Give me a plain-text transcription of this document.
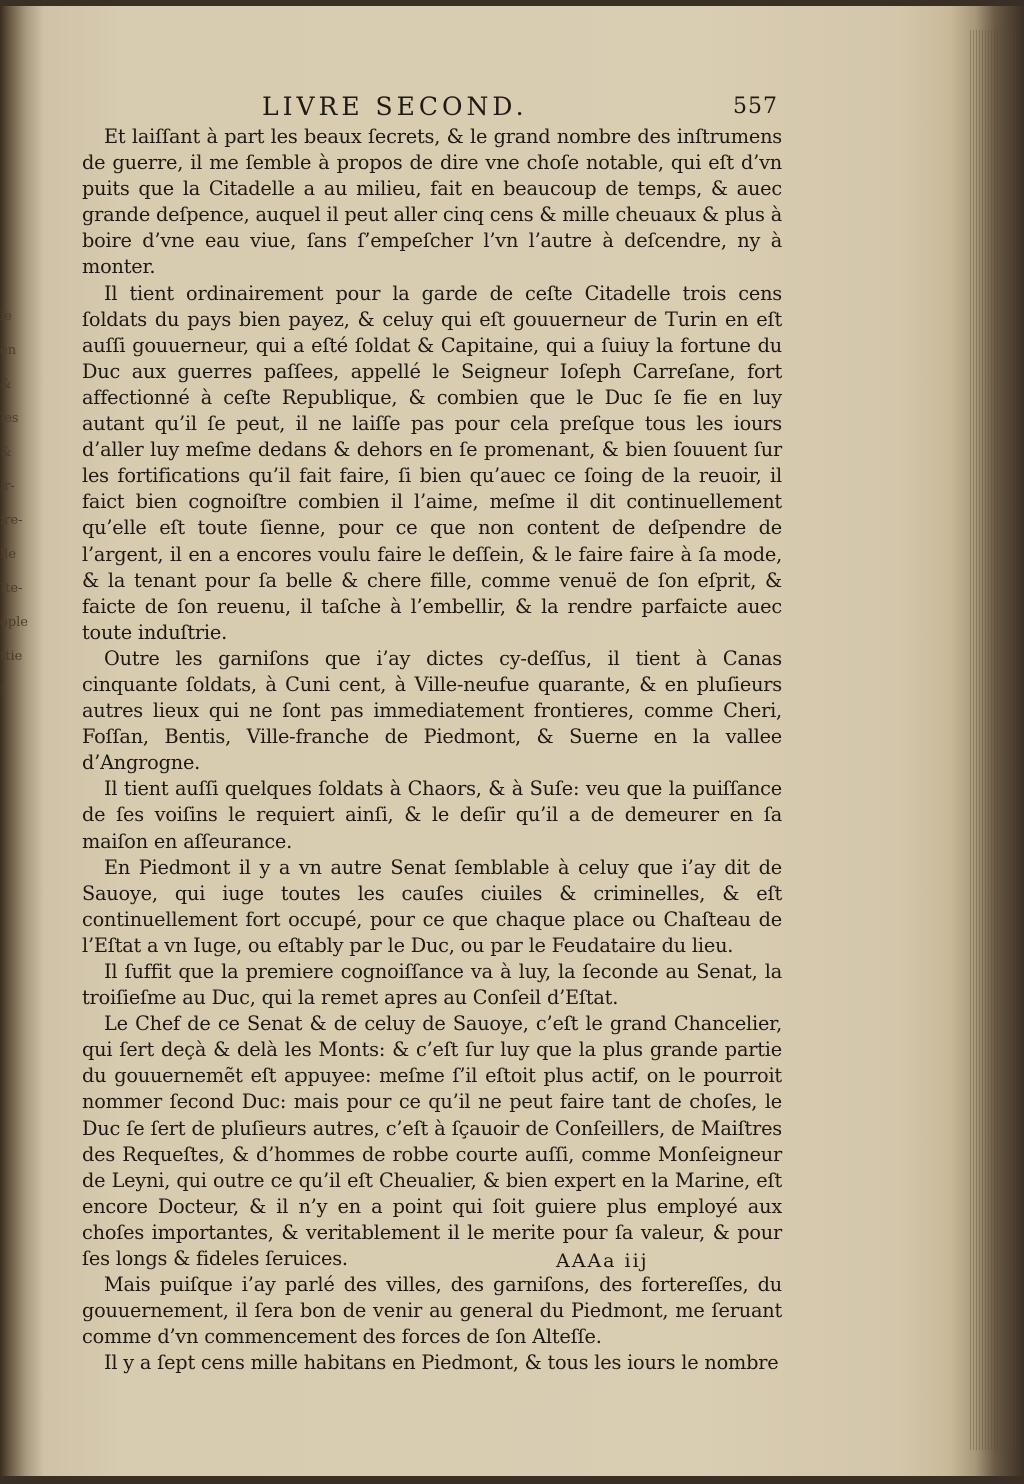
le
en
&
les
&
ir-
ire-
lle
Ite-
ople
ttie
i
LIVRE SECOND.	557

Et laiſſant à part les beaux ſecrets, & le grand nombre des inſtrumens de guerre, il me ſemble à propos de dire vne choſe notable, qui eſt d’vn puits que la Citadelle a au milieu, fait en beaucoup de temps, & auec grande deſpence, auquel il peut aller cinq cens & mille cheuaux & plus à boire d’vne eau viue, ſans ſ’empeſcher l’vn l’autre à deſcendre, ny à monter.

Il tient ordinairement pour la garde de ceſte Citadelle trois cens ſoldats du pays bien payez, & celuy qui eſt gouuerneur de Turin en eſt auſſi gouuerneur, qui a eſté ſoldat & Capitaine, qui a ſuiuy la fortune du Duc aux guerres paſſees, appellé le Seigneur Ioſeph Carreſane, fort affectionné à ceſte Republique, & combien que le Duc ſe fie en luy autant qu’il ſe peut, il ne laiſſe pas pour cela preſque tous les iours d’aller luy meſme dedans & dehors en ſe promenant, & bien ſouuent ſur les fortifications qu’il fait faire, ſi bien qu’auec ce ſoing de la reuoir, il faict bien cognoiſtre combien il l’aime, meſme il dit continuellement qu’elle eſt toute ſienne, pour ce que non content de deſpendre de l’argent, il en a encores voulu faire le deſſein, & le faire faire à ſa mode, & la tenant pour ſa belle & chere fille, comme venuë de ſon eſprit, & faicte de ſon reuenu, il taſche à l’embellir, & la rendre parfaicte auec toute induſtrie.

Outre les garniſons que i’ay dictes cy-deſſus, il tient à Canas cinquante ſoldats, à Cuni cent, à Ville-neufue quarante, & en pluſieurs autres lieux qui ne ſont pas immediatement frontieres, comme Cheri, Foſſan, Bentis, Ville-franche de Piedmont, & Suerne en la vallee d’Angrogne.

Il tient auſſi quelques ſoldats à Chaors, & à Suſe: veu que la puiſſance de ſes voiſins le requiert ainſi, & le deſir qu’il a de demeurer en ſa maiſon en aſſeurance.

En Piedmont il y a vn autre Senat ſemblable à celuy que i’ay dit de Sauoye, qui iuge toutes les cauſes ciuiles & criminelles, & eſt continuellement fort occupé, pour ce que chaque place ou Chaſteau de l’Eſtat a vn Iuge, ou eſtably par le Duc, ou par le Feudataire du lieu.

Il ſuffit que la premiere cognoiſſance va à luy, la ſeconde au Senat, la troiſieſme au Duc, qui la remet apres au Conſeil d’Eſtat.

Le Chef de ce Senat & de celuy de Sauoye, c’eſt le grand Chancelier, qui ſert deçà & delà les Monts: & c’eſt ſur luy que la plus grande partie du gouuernemẽt eſt appuyee: meſme ſ’il eſtoit plus actif, on le pourroit nommer ſecond Duc: mais pour ce qu’il ne peut faire tant de choſes, le Duc ſe ſert de pluſieurs autres, c’eſt à ſçauoir de Conſeillers, de Maiſtres des Requeſtes, & d’hommes de robbe courte auſſi, comme Monſeigneur de Leyni, qui outre ce qu’il eſt Cheualier, & bien expert en la Marine, eſt encore Docteur, & il n’y en a point qui ſoit guiere plus employé aux choſes importantes, & veritablement il le merite pour ſa valeur, & pour ſes longs & fideles ſeruices.

Mais puiſque i’ay parlé des villes, des garniſons, des fortereſſes, du gouuernement, il ſera bon de venir au general du Piedmont, me ſeruant comme d’vn commencement des forces de ſon Alteſſe.

Il y a ſept cens mille habitans en Piedmont, & tous les iours le nombre

AAAa iij
